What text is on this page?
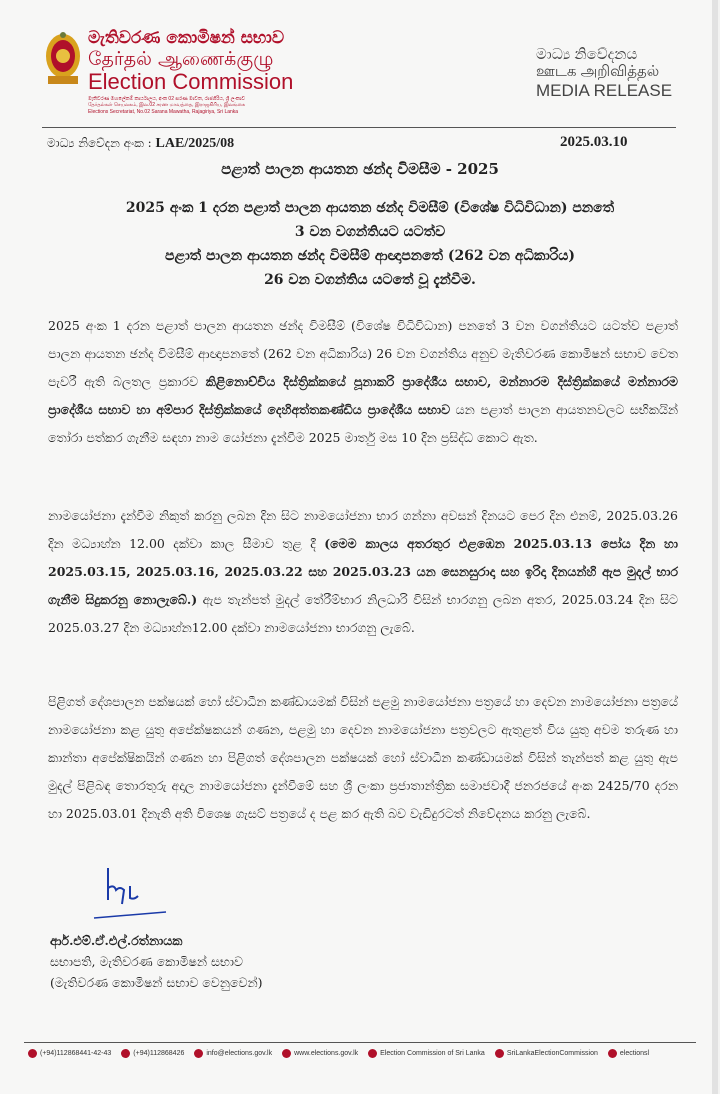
මැතිවරණ කොමිෂන් සභාව
தேர்தல் ஆணைக்குழு
Election Commission
මැතිවරණ මහලේකම් කාර්යාලය, අංක 02 සරණ මාවත, රාජගිරිය, ශ්‍රී ලංකාව
தேர்தல்கள் செயலகம், இல.02 சரண மாவத்தை, இராஜகிரிய, இலங்கை
Elections Secretariat, No.02 Sarana Mawatha, Rajagiriya, Sri Lanka
මාධ්‍ය නිවේදනය
ஊடக அறிவித்தல்
MEDIA RELEASE
මාධ්‍ය නිවේදන අංක : LAE/2025/08	2025.03.10
පළාත් පාලන ආයතන ඡන්ද විමසීම - 2025
2025 අංක 1 දරන පළාත් පාලන ආයතන ඡන්ද විමසීම් (විශේෂ විධිවිධාන) පනතේ
3 වන වගන්තියට යටත්ව
පළාත් පාලන ආයතන ඡන්ද විමසීම් ආඥාපනතේ (262 වන අධිකාරිය)
26 වන වගන්තිය යටතේ වූ දැන්වීම.
2025 අංක 1 දරන පළාත් පාලන ආයතන ඡන්ද විමසීම් (විශේෂ විධිවිධාන) පනතේ 3 වන වගන්තියට යටත්ව පළාත් පාලන ආයතන ඡන්ද විමසීම් ආඥාපනතේ (262 වන අධිකාරිය) 26 වන වගන්තිය අනුව මැතිවරණ කොමිෂන් සභාව වෙත පැවරී ඇති බලතල ප්‍රකාරව කිළිනොච්චිය දිස්ත්‍රික්කයේ පූනාකරි ප්‍රාදේශීය සභාව, මන්නාරම දිස්ත්‍රික්කයේ මන්නාරම ප්‍රාදේශීය සභාව හා අම්පාර දිස්ත්‍රික්කයේ දෙහිඅත්තකණ්ඩිය ප්‍රාදේශීය සභාව යන පළාත් පාලන ආයතනවලට සභිකයින් තෝරා පත්කර ගැනීම සඳහා නාම යෝජනා දැන්වීම 2025 මාර්තු මස 10 දින ප්‍රසිද්ධ කොට ඇත.
නාමයෝජනා දැන්වීම නිකුත් කරනු ලබන දින සිට නාමයෝජනා භාර ගන්නා අවසන් දිනයට පෙර දින එනම්, 2025.03.26 දින මධ්‍යාහ්න 12.00 දක්වා කාල සීමාව තුළ දී (මෙම කාලය අතරතුර එළඹෙන 2025.03.13 පෝය දින හා 2025.03.15, 2025.03.16, 2025.03.22 සහ 2025.03.23 යන සෙනසුරාදා සහ ඉරිදා දිනයන්හි ඇප මුදල් භාර ගැනීම සිදුකරනු නොලැබේ.) ඇප තැන්පත් මුදල් තේරීම්භාර නිලධාරි විසින් භාරගනු ලබන අතර, 2025.03.24 දින සිට 2025.03.27 දින මධ්‍යාහ්න12.00 දක්වා නාමයෝජනා භාරගනු ලැබේ.
පිළිගත් දේශපාලන පක්ෂයක් හෝ ස්වාධීන කණ්ඩායමක් විසින් පළමු නාමයෝජනා පත්‍රයේ හා දෙවන නාමයෝජනා පත්‍රයේ නාමයෝජනා කළ යුතු අපේක්ෂකයන් ගණන, පළමු හා දෙවන නාමයෝජනා පත්‍රවලට ඇතුළත් විය යුතු අවම තරුණ හා කාන්තා අපේක්ෂිකයින් ගණන හා පිළිගත් දේශපාලන පක්ෂයක් හෝ ස්වාධීන කණ්ඩායමක් විසින් තැන්පත් කළ යුතු ඇප මුදල් පිළිබඳ තොරතුරු අදාල නාමයෝජනා දැන්වීමේ සහ ශ්‍රී ලංකා ප්‍රජාතාන්ත්‍රික සමාජවාදී ජනරජයේ අංක 2425/70 දරන හා 2025.03.01 දිනැති අති විශෙෂ ගැසට් පත්‍රයේ ද පළ කර ඇති බව වැඩිදුරටත් නිවේදනය කරනු ලැබේ.
ආර්.එම්.ඒ.එල්.රත්නායක
සභාපති, මැතිවරණ කොමිෂන් සභාව
(මැතිවරණ කොමිෂන් සභාව වෙනුවෙන්)
(+94)112868441-42-43	(+94)112868426	info@elections.gov.lk	www.elections.gov.lk	Election Commission of Sri Lanka	SriLankaElectionCommission	electionsl
